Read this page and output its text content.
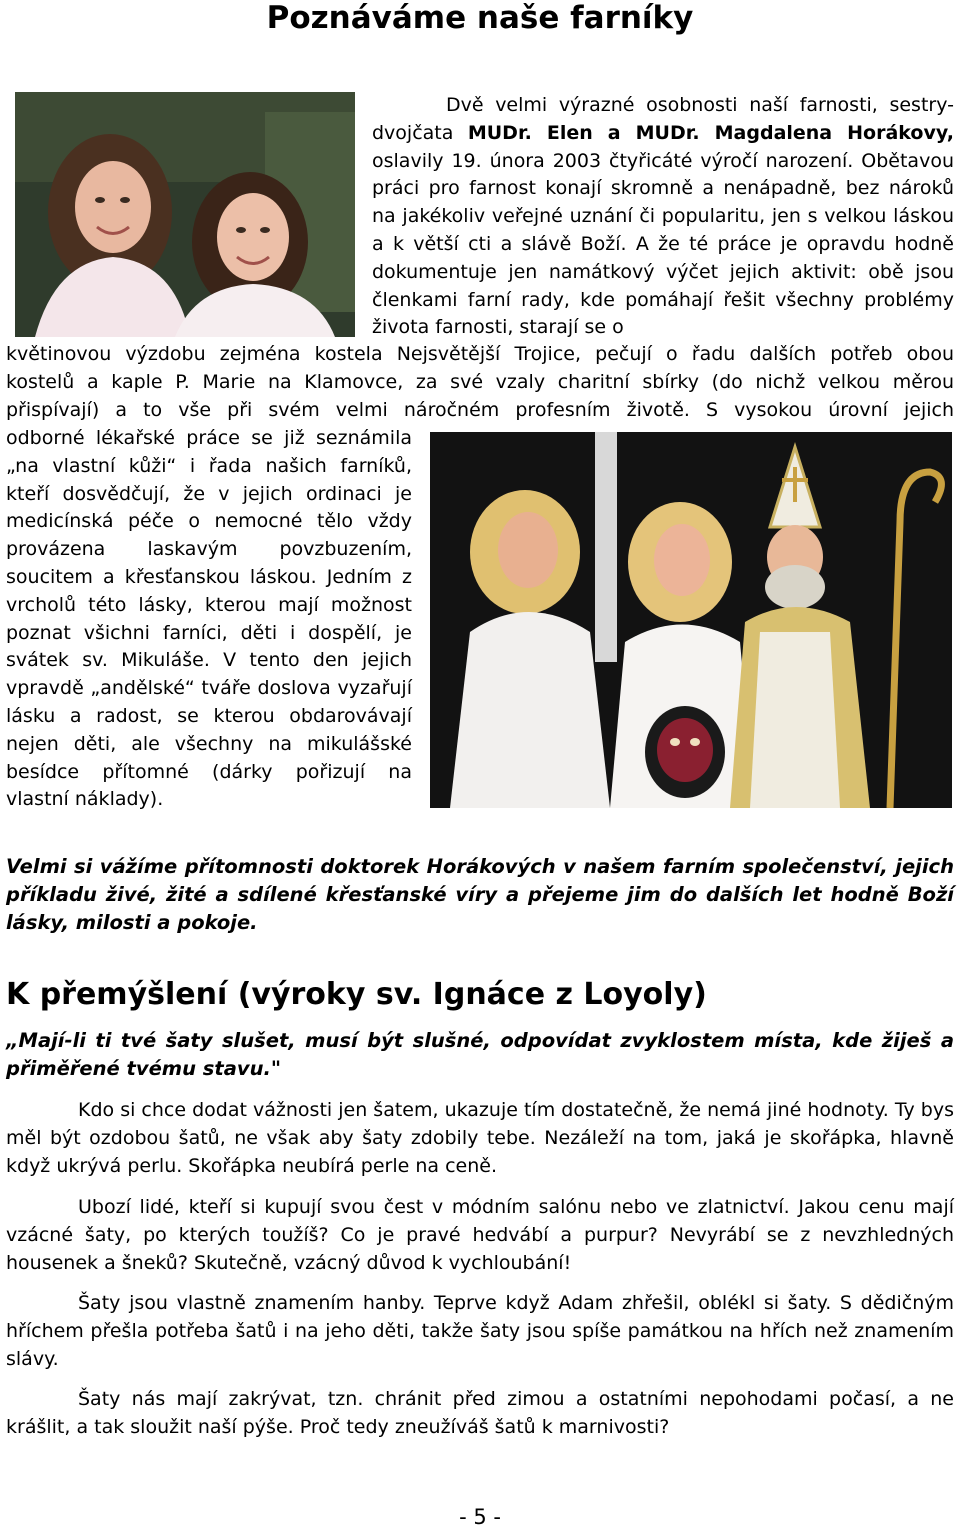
Poznáváme naše farníky

Dvě velmi výrazné osobnosti naší farnosti, sestry-dvojčata MUDr. Elen a MUDr. Magdalena Horákovy, oslavily 19. února 2003 čtyřicáté výročí narození. Obětavou práci pro farnost konají skromně a nenápadně, bez nároků na jakékoliv veřejné uznání či popularitu, jen s velkou láskou a k větší cti a slávě Boží. A že té práce je opravdu hodně dokumentuje jen namátkový výčet jejich aktivit: obě jsou členkami farní rady, kde pomáhají řešit všechny problémy života farnosti, starají se o

květinovou výzdobu zejména kostela Nejsvětější Trojice, pečují o řadu dalších potřeb obou

kostelů a kaple P. Marie na Klamovce, za své vzaly charitní sbírky (do nichž velkou měrou

přispívají) a to vše při svém velmi náročném profesním životě. S vysokou úrovní jejich

odborné lékařské práce se již seznámila „na vlastní kůži“ i řada našich farníků, kteří dosvědčují, že v jejich ordinaci je medicínská péče o nemocné tělo vždy provázena laskavým povzbuzením, soucitem a křesťanskou láskou. Jedním z vrcholů této lásky, kterou mají možnost poznat všichni farníci, děti i dospělí, je svátek sv. Mikuláše. V tento den jejich vpravdě „andělské“ tváře doslova vyzařují lásku a radost, se kterou obdarovávají nejen děti, ale všechny na mikulášské besídce přítomné (dárky pořizují na vlastní náklady).

Velmi si vážíme přítomnosti doktorek Horákových v našem farním společenství, jejich příkladu živé, žité a sdílené křesťanské víry a přejeme jim do dalších let hodně Boží lásky, milosti a pokoje.

K přemýšlení (výroky sv. Ignáce z Loyoly)

„Mají-li ti tvé šaty slušet, musí být slušné, odpovídat zvyklostem místa, kde žiješ a přiměřené tvému stavu."

Kdo si chce dodat vážnosti jen šatem, ukazuje tím dostatečně, že nemá jiné hodnoty. Ty bys měl být ozdobou šatů, ne však aby šaty zdobily tebe. Nezáleží na tom, jaká je skořápka, hlavně když ukrývá perlu. Skořápka neubírá perle na ceně.

Ubozí lidé, kteří si kupují svou čest v módním salónu nebo ve zlatnictví. Jakou cenu mají vzácné šaty, po kterých toužíš? Co je pravé hedvábí a purpur? Nevyrábí se z nevzhledných housenek a šneků? Skutečně, vzácný důvod k vychloubání!

Šaty jsou vlastně znamením hanby. Teprve když Adam zhřešil, oblékl si šaty. S dědičným hříchem přešla potřeba šatů i na jeho děti, takže šaty jsou spíše památkou na hřích než znamením slávy.

Šaty nás mají zakrývat, tzn. chránit před zimou a ostatními nepohodami počasí, a ne krášlit, a tak sloužit naší pýše. Proč tedy zneužíváš šatů k marnivosti?

- 5 -
